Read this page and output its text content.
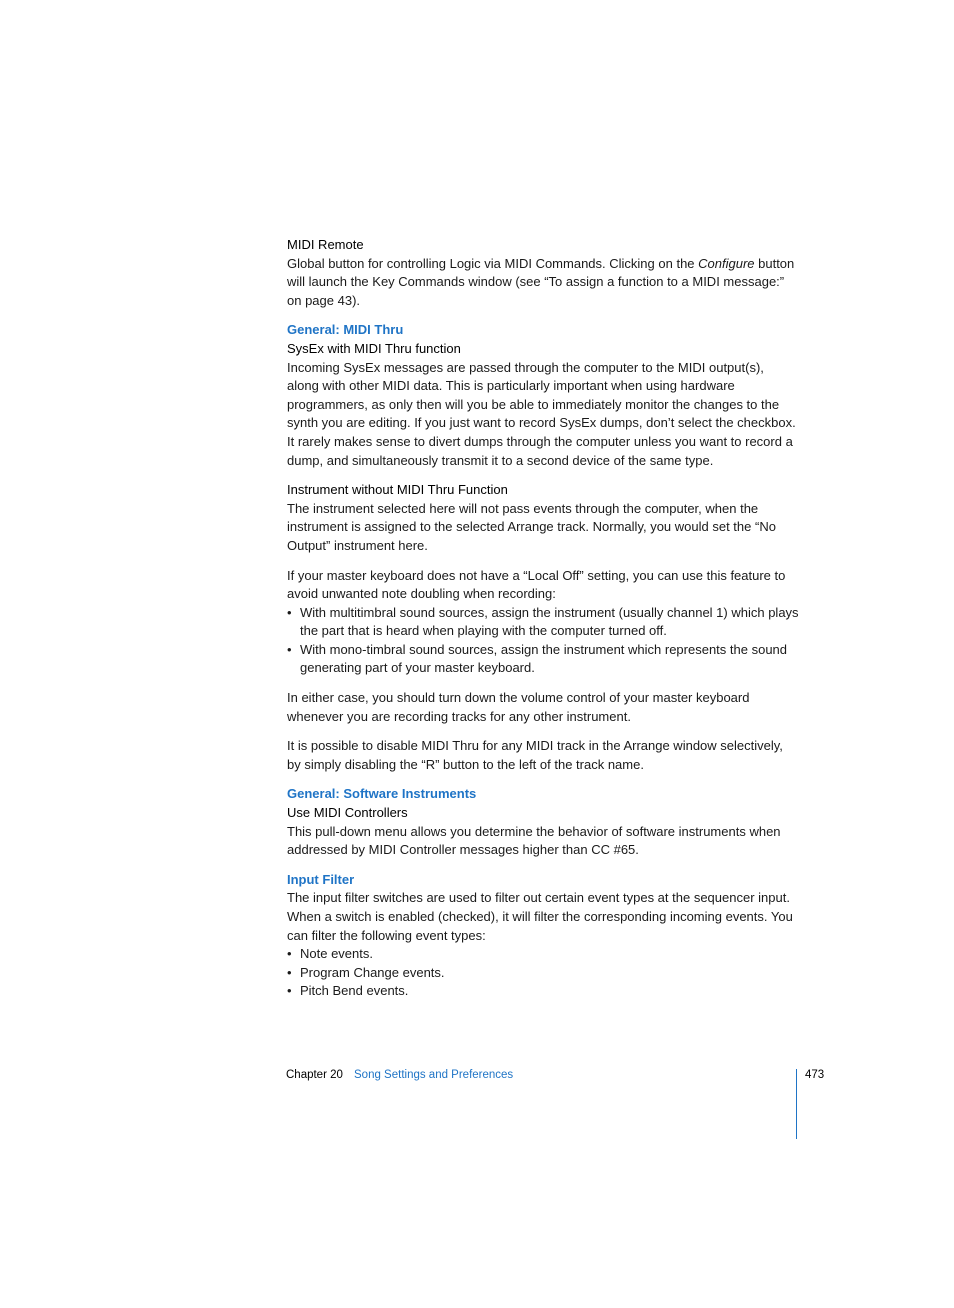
MIDI Remote

Global button for controlling Logic via MIDI Commands. Clicking on the Configure button will launch the Key Commands window (see “To assign a function to a MIDI message:” on page 43).

General: MIDI Thru

SysEx with MIDI Thru function

Incoming SysEx messages are passed through the computer to the MIDI output(s), along with other MIDI data. This is particularly important when using hardware programmers, as only then will you be able to immediately monitor the changes to the synth you are editing. If you just want to record SysEx dumps, don’t select the checkbox. It rarely makes sense to divert dumps through the computer unless you want to record a dump, and simultaneously transmit it to a second device of the same type.

Instrument without MIDI Thru Function

The instrument selected here will not pass events through the computer, when the instrument is assigned to the selected Arrange track. Normally, you would set the “No Output” instrument here.

If your master keyboard does not have a “Local Off” setting, you can use this feature to avoid unwanted note doubling when recording:

• With multitimbral sound sources, assign the instrument (usually channel 1) which plays the part that is heard when playing with the computer turned off.
• With mono-timbral sound sources, assign the instrument which represents the sound generating part of your master keyboard.

In either case, you should turn down the volume control of your master keyboard whenever you are recording tracks for any other instrument.

It is possible to disable MIDI Thru for any MIDI track in the Arrange window selectively, by simply disabling the “R” button to the left of the track name.

General: Software Instruments

Use MIDI Controllers

This pull-down menu allows you determine the behavior of software instruments when addressed by MIDI Controller messages higher than CC #65.

Input Filter

The input filter switches are used to filter out certain event types at the sequencer input. When a switch is enabled (checked), it will filter the corresponding incoming events. You can filter the following event types:

• Note events.
• Program Change events.
• Pitch Bend events.
Chapter 20 Song Settings and Preferences	473
